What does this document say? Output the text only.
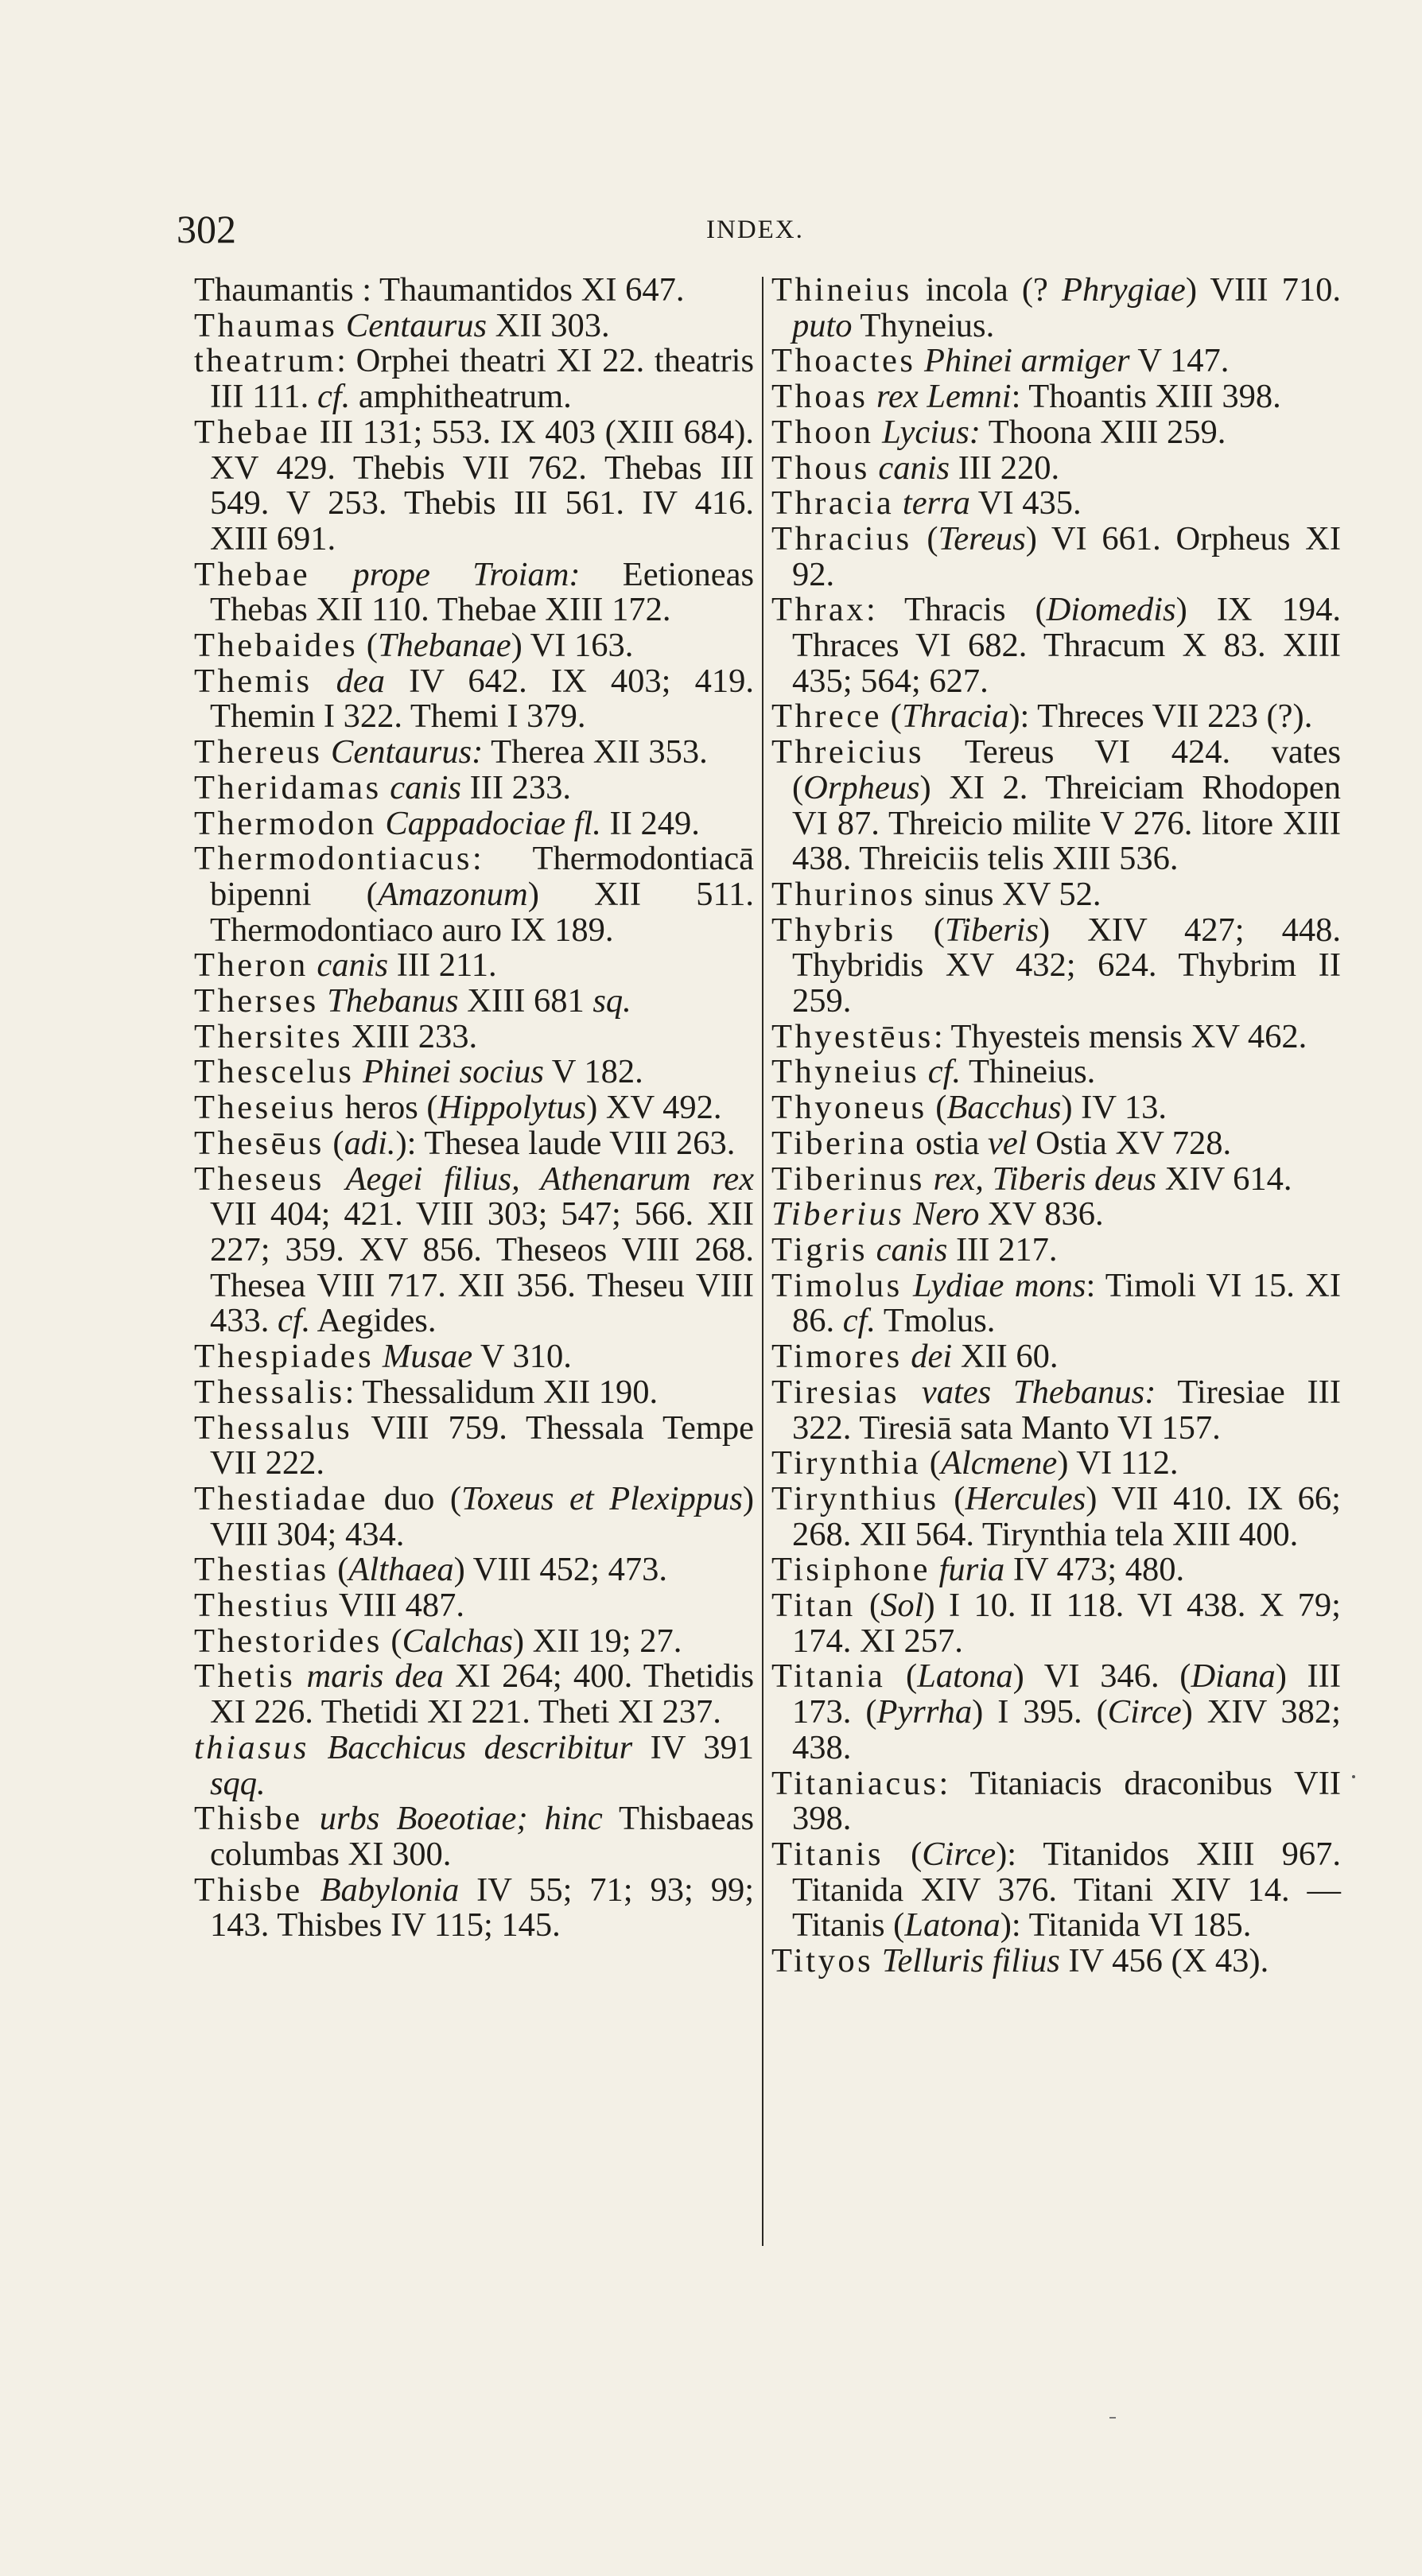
302	INDEX.

Thaumantis : Thaumantidos XI 647.

Thaumas Centaurus XII 303.

theatrum: Orphei theatri XI 22. theatris III 111. cf. amphitheatrum.

Thebae III 131; 553. IX 403 (XIII 684). XV 429. Thebis VII 762. Thebas III 549. V 253. Thebis III 561. IV 416. XIII 691.

Thebae prope Troiam: Eetioneas Thebas XII 110. Thebae XIII 172.

Thebaides (Thebanae) VI 163.

Themis dea IV 642. IX 403; 419. Themin I 322. Themi I 379.

Thereus Centaurus: Therea XII 353.

Theridamas canis III 233.

Thermodon Cappadociae fl. II 249.

Thermodontiacus: Thermodontiacā bipenni (Amazonum) XII 511. Thermodontiaco auro IX 189.

Theron canis III 211.

Therses Thebanus XIII 681 sq.

Thersites XIII 233.

Thescelus Phinei socius V 182.

Theseius heros (Hippolytus) XV 492.

Thesēus (adi.): Thesea laude VIII 263.

Theseus Aegei filius, Athenarum rex VII 404; 421. VIII 303; 547; 566. XII 227; 359. XV 856. Theseos VIII 268. Thesea VIII 717. XII 356. Theseu VIII 433. cf. Aegides.

Thespiades Musae V 310.

Thessalis: Thessalidum XII 190.

Thessalus VIII 759. Thessala Tempe VII 222.

Thestiadae duo (Toxeus et Plexippus) VIII 304; 434.

Thestias (Althaea) VIII 452; 473.

Thestius VIII 487.

Thestorides (Calchas) XII 19; 27.

Thetis maris dea XI 264; 400. Thetidis XI 226. Thetidi XI 221. Theti XI 237.

thiasus Bacchicus describitur IV 391 sqq.

Thisbe urbs Boeotiae; hinc Thisbaeas columbas XI 300.

Thisbe Babylonia IV 55; 71; 93; 99; 143. Thisbes IV 115; 145.

Thineius incola (? Phrygiae) VIII 710. puto Thyneius.

Thoactes Phinei armiger V 147.

Thoas rex Lemni: Thoantis XIII 398.

Thoon Lycius: Thoona XIII 259.

Thous canis III 220.

Thracia terra VI 435.

Thracius (Tereus) VI 661. Orpheus XI 92.

Thrax: Thracis (Diomedis) IX 194. Thraces VI 682. Thracum X 83. XIII 435; 564; 627.

Threce (Thracia): Threces VII 223 (?).

Threicius Tereus VI 424. vates (Orpheus) XI 2. Threiciam Rhodopen VI 87. Threicio milite V 276. litore XIII 438. Threiciis telis XIII 536.

Thurinos sinus XV 52.

Thybris (Tiberis) XIV 427; 448. Thybridis XV 432; 624. Thybrim II 259.

Thyestēus: Thyesteis mensis XV 462.

Thyneius cf. Thineius.

Thyoneus (Bacchus) IV 13.

Tiberina ostia vel Ostia XV 728.

Tiberinus rex, Tiberis deus XIV 614.

Tiberius Nero XV 836.

Tigris canis III 217.

Timolus Lydiae mons: Timoli VI 15. XI 86. cf. Tmolus.

Timores dei XII 60.

Tiresias vates Thebanus: Tiresiae III 322. Tiresiā sata Manto VI 157.

Tirynthia (Alcmene) VI 112.

Tirynthius (Hercules) VII 410. IX 66; 268. XII 564. Tirynthia tela XIII 400.

Tisiphone furia IV 473; 480.

Titan (Sol) I 10. II 118. VI 438. X 79; 174. XI 257.

Titania (Latona) VI 346. (Diana) III 173. (Pyrrha) I 395. (Circe) XIV 382; 438.

Titaniacus: Titaniacis draconibus VII 398.

Titanis (Circe): Titanidos XIII 967. Titanida XIV 376. Titani XIV 14. — Titanis (Latona): Titanida VI 185.

Tityos Telluris filius IV 456 (X 43).
